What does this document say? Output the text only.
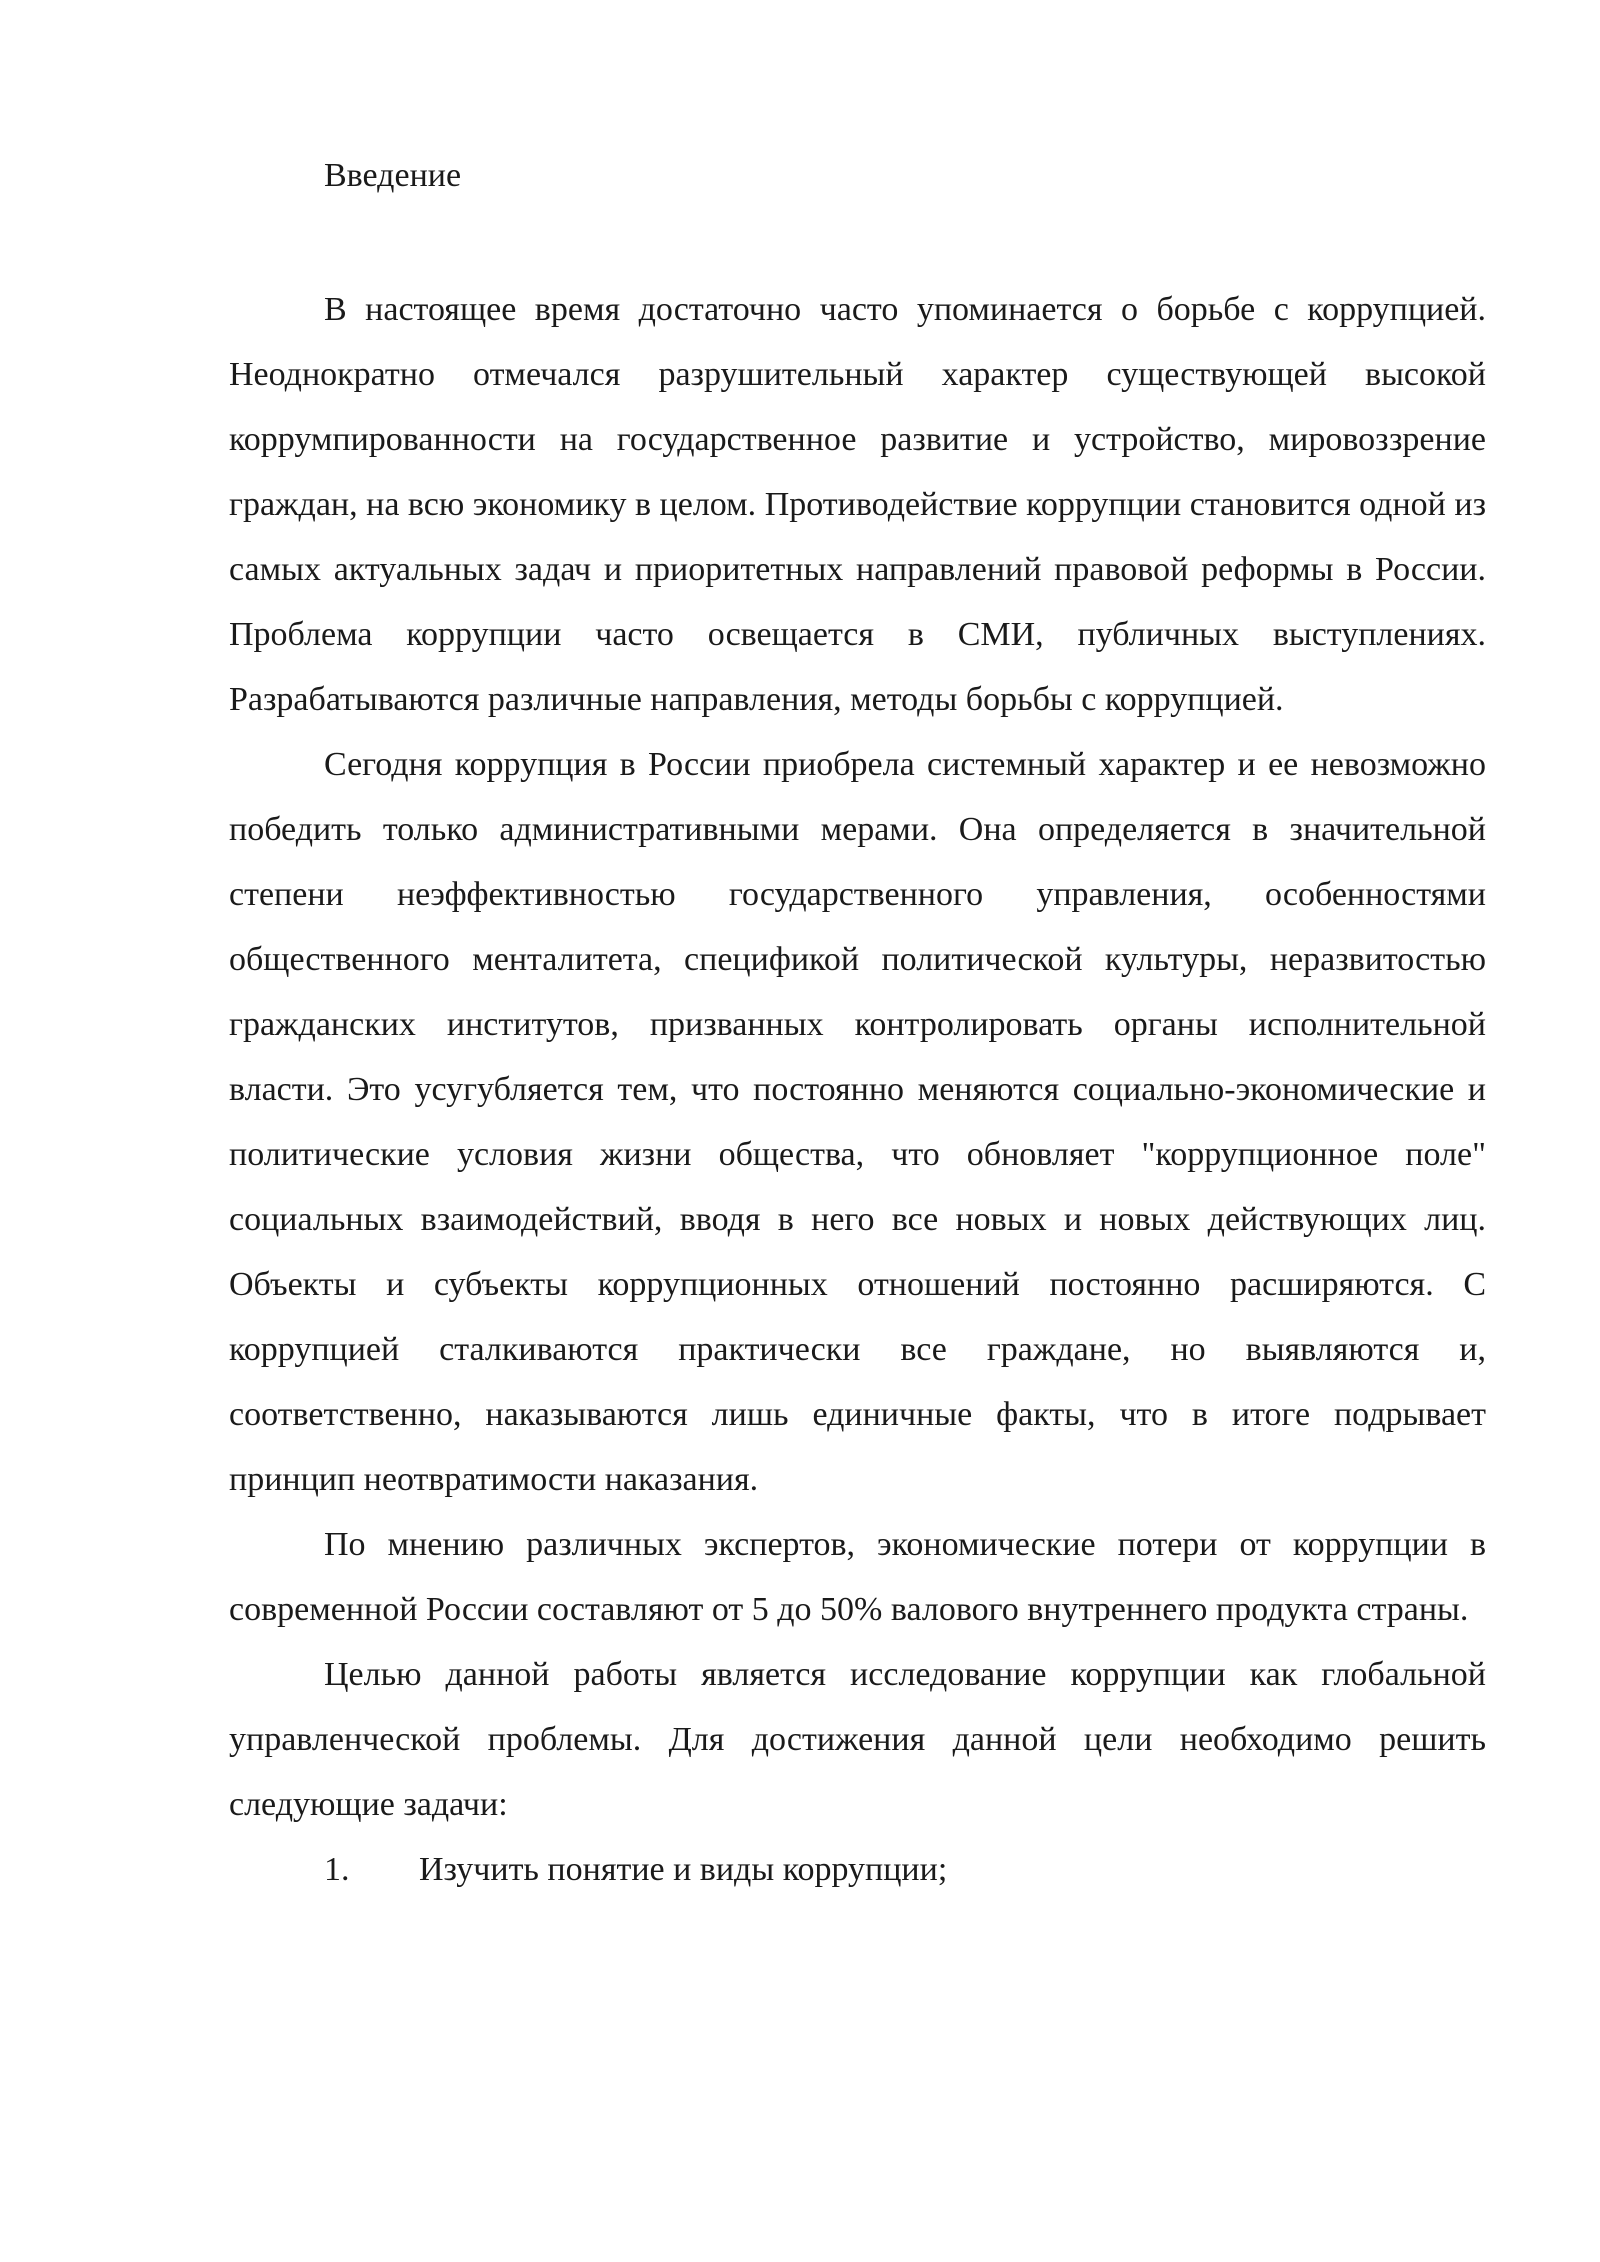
Введение

В настоящее время достаточно часто упоминается о борьбе с коррупцией. Неоднократно отмечался разрушительный характер существующей высокой коррумпированности на государственное развитие и устройство, мировоззрение граждан, на всю экономику в целом. Противодействие коррупции становится одной из самых актуальных задач и приоритетных направлений правовой реформы в России. Проблема коррупции часто освещается в СМИ, публичных выступлениях. Разрабатываются различные направления, методы борьбы с коррупцией.

Сегодня коррупция в России приобрела системный характер и ее невозможно победить только административными мерами. Она определяется в значительной степени неэффективностью государственного управления, особенностями общественного менталитета, спецификой политической культуры, неразвитостью гражданских институтов, призванных контролировать органы исполнительной власти. Это усугубляется тем, что постоянно меняются социально-экономические и политические условия жизни общества, что обновляет "коррупционное поле" социальных взаимодействий, вводя в него все новых и новых действующих лиц. Объекты и субъекты коррупционных отношений постоянно расширяются. С коррупцией сталкиваются практически все граждане, но выявляются и, соответственно, наказываются лишь единичные факты, что в итоге подрывает принцип неотвратимости наказания.

По мнению различных экспертов, экономические потери от коррупции в современной России составляют от 5 до 50% валового внутреннего продукта страны.

Целью данной работы является исследование коррупции как глобальной управленческой проблемы. Для достижения данной цели необходимо решить следующие задачи:

1.	Изучить понятие и виды коррупции;
